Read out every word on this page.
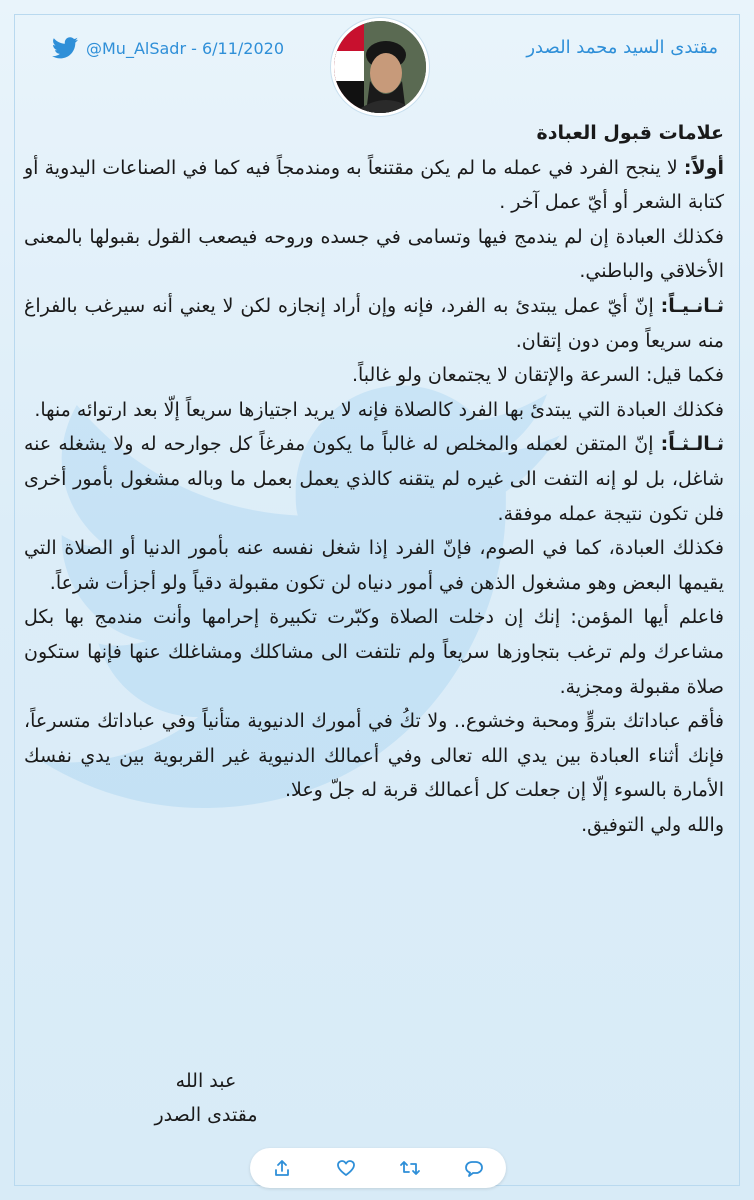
@Mu_AlSadr - 6/11/2020	مقتدى السيد محمد الصدر

علامات قبول العبادة

أولاً: لا ينجح الفرد في عمله ما لم يكن مقتنعاً به ومندمجاً فيه كما في الصناعات اليدوية أو كتابة الشعر أو أيّ عمل آخر .

فكذلك العبادة إن لم يندمج فيها وتسامى في جسده وروحه فيصعب القول بقبولها بالمعنى الأخلاقي والباطني.

ثـانـيـاً: إنّ أيّ عمل يبتدئ به الفرد، فإنه وإن أراد إنجازه لكن لا يعني أنه سيرغب بالفراغ منه سريعاً ومن دون إتقان.

فكما قيل: السرعة والإتقان لا يجتمعان ولو غالباً.

فكذلك العبادة التي يبتدئ بها الفرد كالصلاة فإنه لا يريد اجتيازها سريعاً إلّا بعد ارتوائه منها.

ثـالـثـاً: إنّ المتقن لعمله والمخلص له غالباً ما يكون مفرغاً كل جوارحه له ولا يشغله عنه شاغل، بل لو إنه التفت الى غيره لم يتقنه كالذي يعمل بعمل ما وباله مشغول بأمور أخرى فلن تكون نتيجة عمله موفقة.

فكذلك العبادة، كما في الصوم، فإنّ الفرد إذا شغل نفسه عنه بأمور الدنيا أو الصلاة التي يقيمها البعض وهو مشغول الذهن في أمور دنياه لن تكون مقبولة دقياً ولو أجزأت شرعاً.

فاعلم أيها المؤمن: إنك إن دخلت الصلاة وكبّرت تكبيرة إحرامها وأنت مندمج بها بكل مشاعرك ولم ترغب بتجاوزها سريعاً ولم تلتفت الى مشاكلك ومشاغلك عنها فإنها ستكون صلاة مقبولة ومجزية.

فأقم عباداتك بتروٍّ ومحبة وخشوع.. ولا تكُ في أمورك الدنيوية متأنياً وفي عباداتك متسرعاً، فإنك أثناء العبادة بين يدي الله تعالى وفي أعمالك الدنيوية غير القربوية بين يدي نفسك الأمارة بالسوء إلّا إن جعلت كل أعمالك قربة له جلّ وعلا.

والله ولي التوفيق.

عبد الله
مقتدى الصدر
